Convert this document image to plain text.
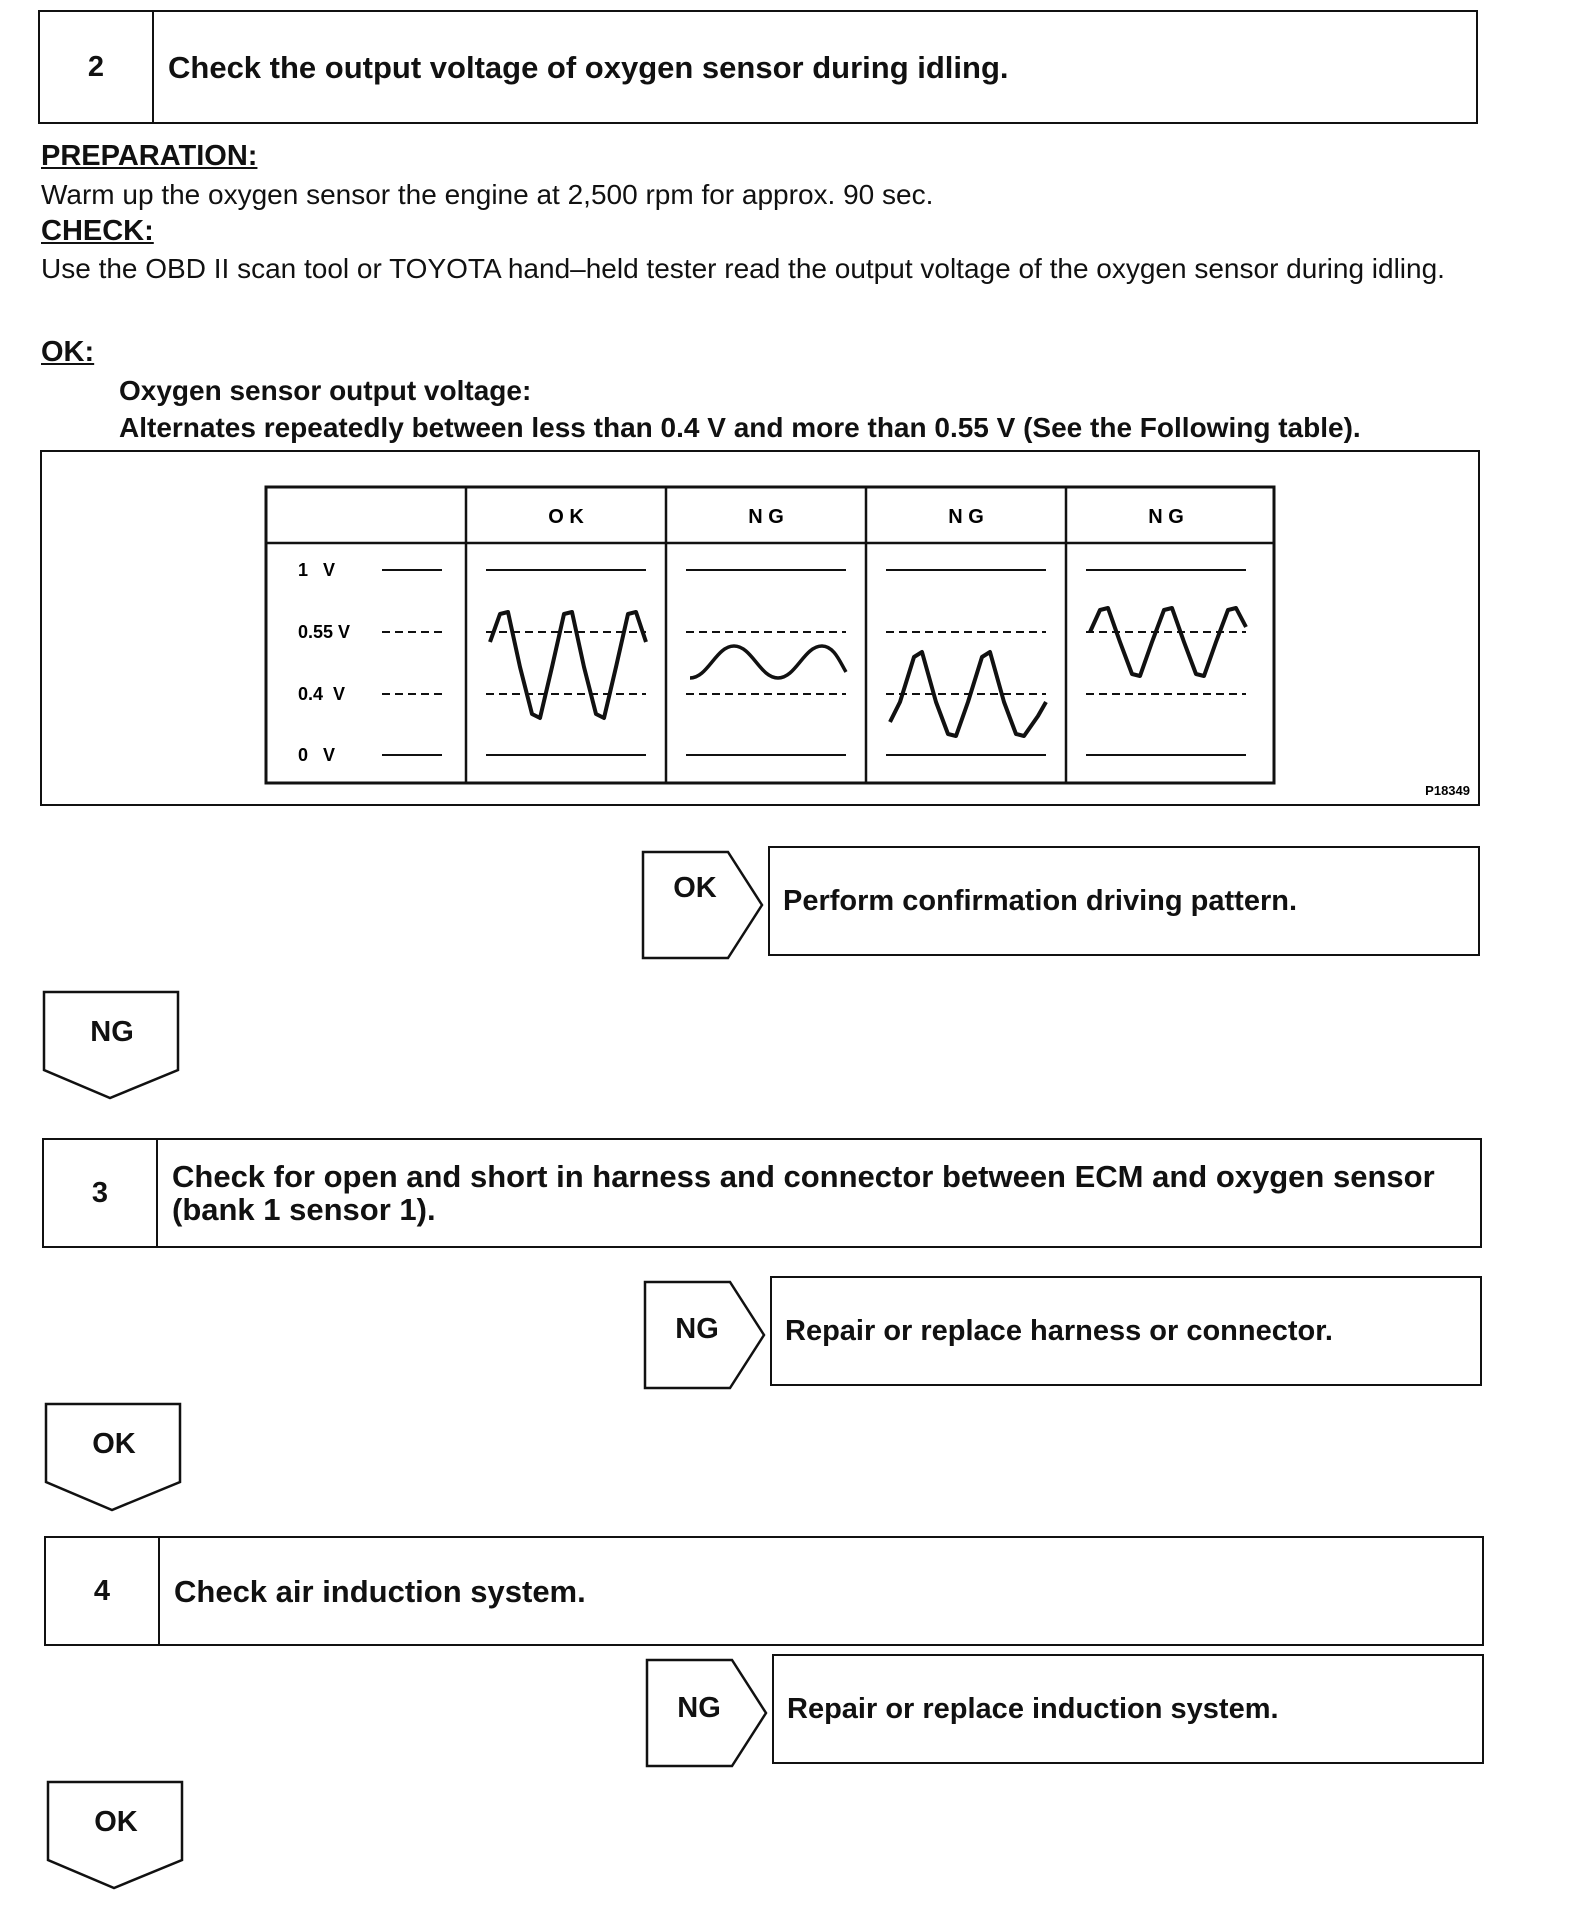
2	Check the output voltage of oxygen sensor during idling.
PREPARATION:
Warm up the oxygen sensor the engine at 2,500 rpm for approx. 90 sec.
CHECK:
Use the OBD II scan tool or TOYOTA hand–held tester read the output voltage of the oxygen sensor during idling.
OK:
Oxygen sensor output voltage:
Alternates repeatedly between less than 0.4 V and more than 0.55 V (See the Following table).
O K	N G	N G	N G
1   V
0.55 V
0.4  V
0   V
P18349
OK	Perform confirmation driving pattern.
NG
3	Check for open and short in harness and connector between ECM and oxygen sensor (bank 1 sensor 1).
NG	Repair or replace harness or connector.
OK
4	Check air induction system.
NG	Repair or replace induction system.
OK
